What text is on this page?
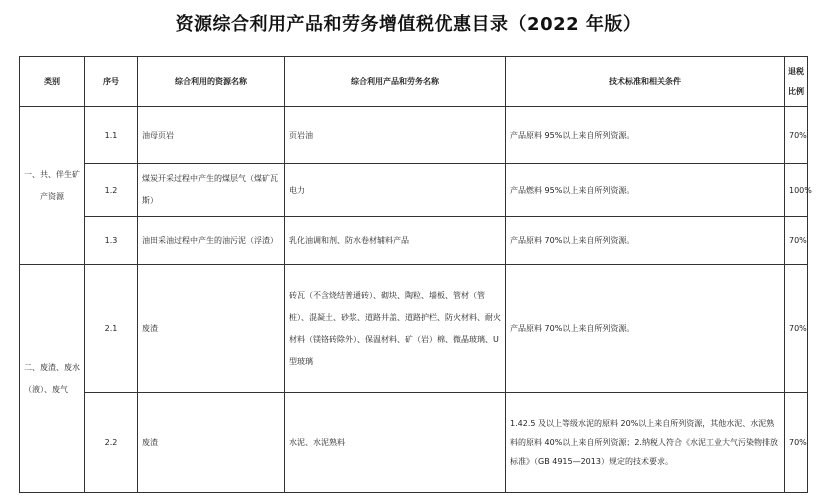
资源综合利用产品和劳务增值税优惠目录（2022 年版）
类别	序号	综合利用的资源名称	综合利用产品和劳务名称	技术标准和相关条件	退税
比例

一、共、伴生矿产资源	1.1	油母页岩	页岩油	产品原料 95%以上来自所列资源。	70%
	1.2	煤炭开采过程中产生的煤层气（煤矿瓦斯）	电力	产品燃料 95%以上来自所列资源。	100%
	1.3	油田采油过程中产生的油污泥（浮渣）	乳化油调和剂、防水卷材辅料产品	产品原料 70%以上来自所列资源。	70%
二、废渣、废水（液）、废气	2.1	废渣	砖瓦（不含烧结普通砖）、砌块、陶粒、墙板、管材（管桩）、混凝土、砂浆、道路井盖、道路护栏、防火材料、耐火材料（镁铬砖除外）、保温材料、矿（岩）棉、微晶玻璃、U 型玻璃	产品原料 70%以上来自所列资源。	70%
	2.2	废渣	水泥、水泥熟料	1.42.5 及以上等级水泥的原料 20%以上来自所列资源，其他水泥、水泥熟料的原料 40%以上来自所列资源；2.纳税人符合《水泥工业大气污染物排放标准》（GB 4915—2013）规定的技术要求。	70%
